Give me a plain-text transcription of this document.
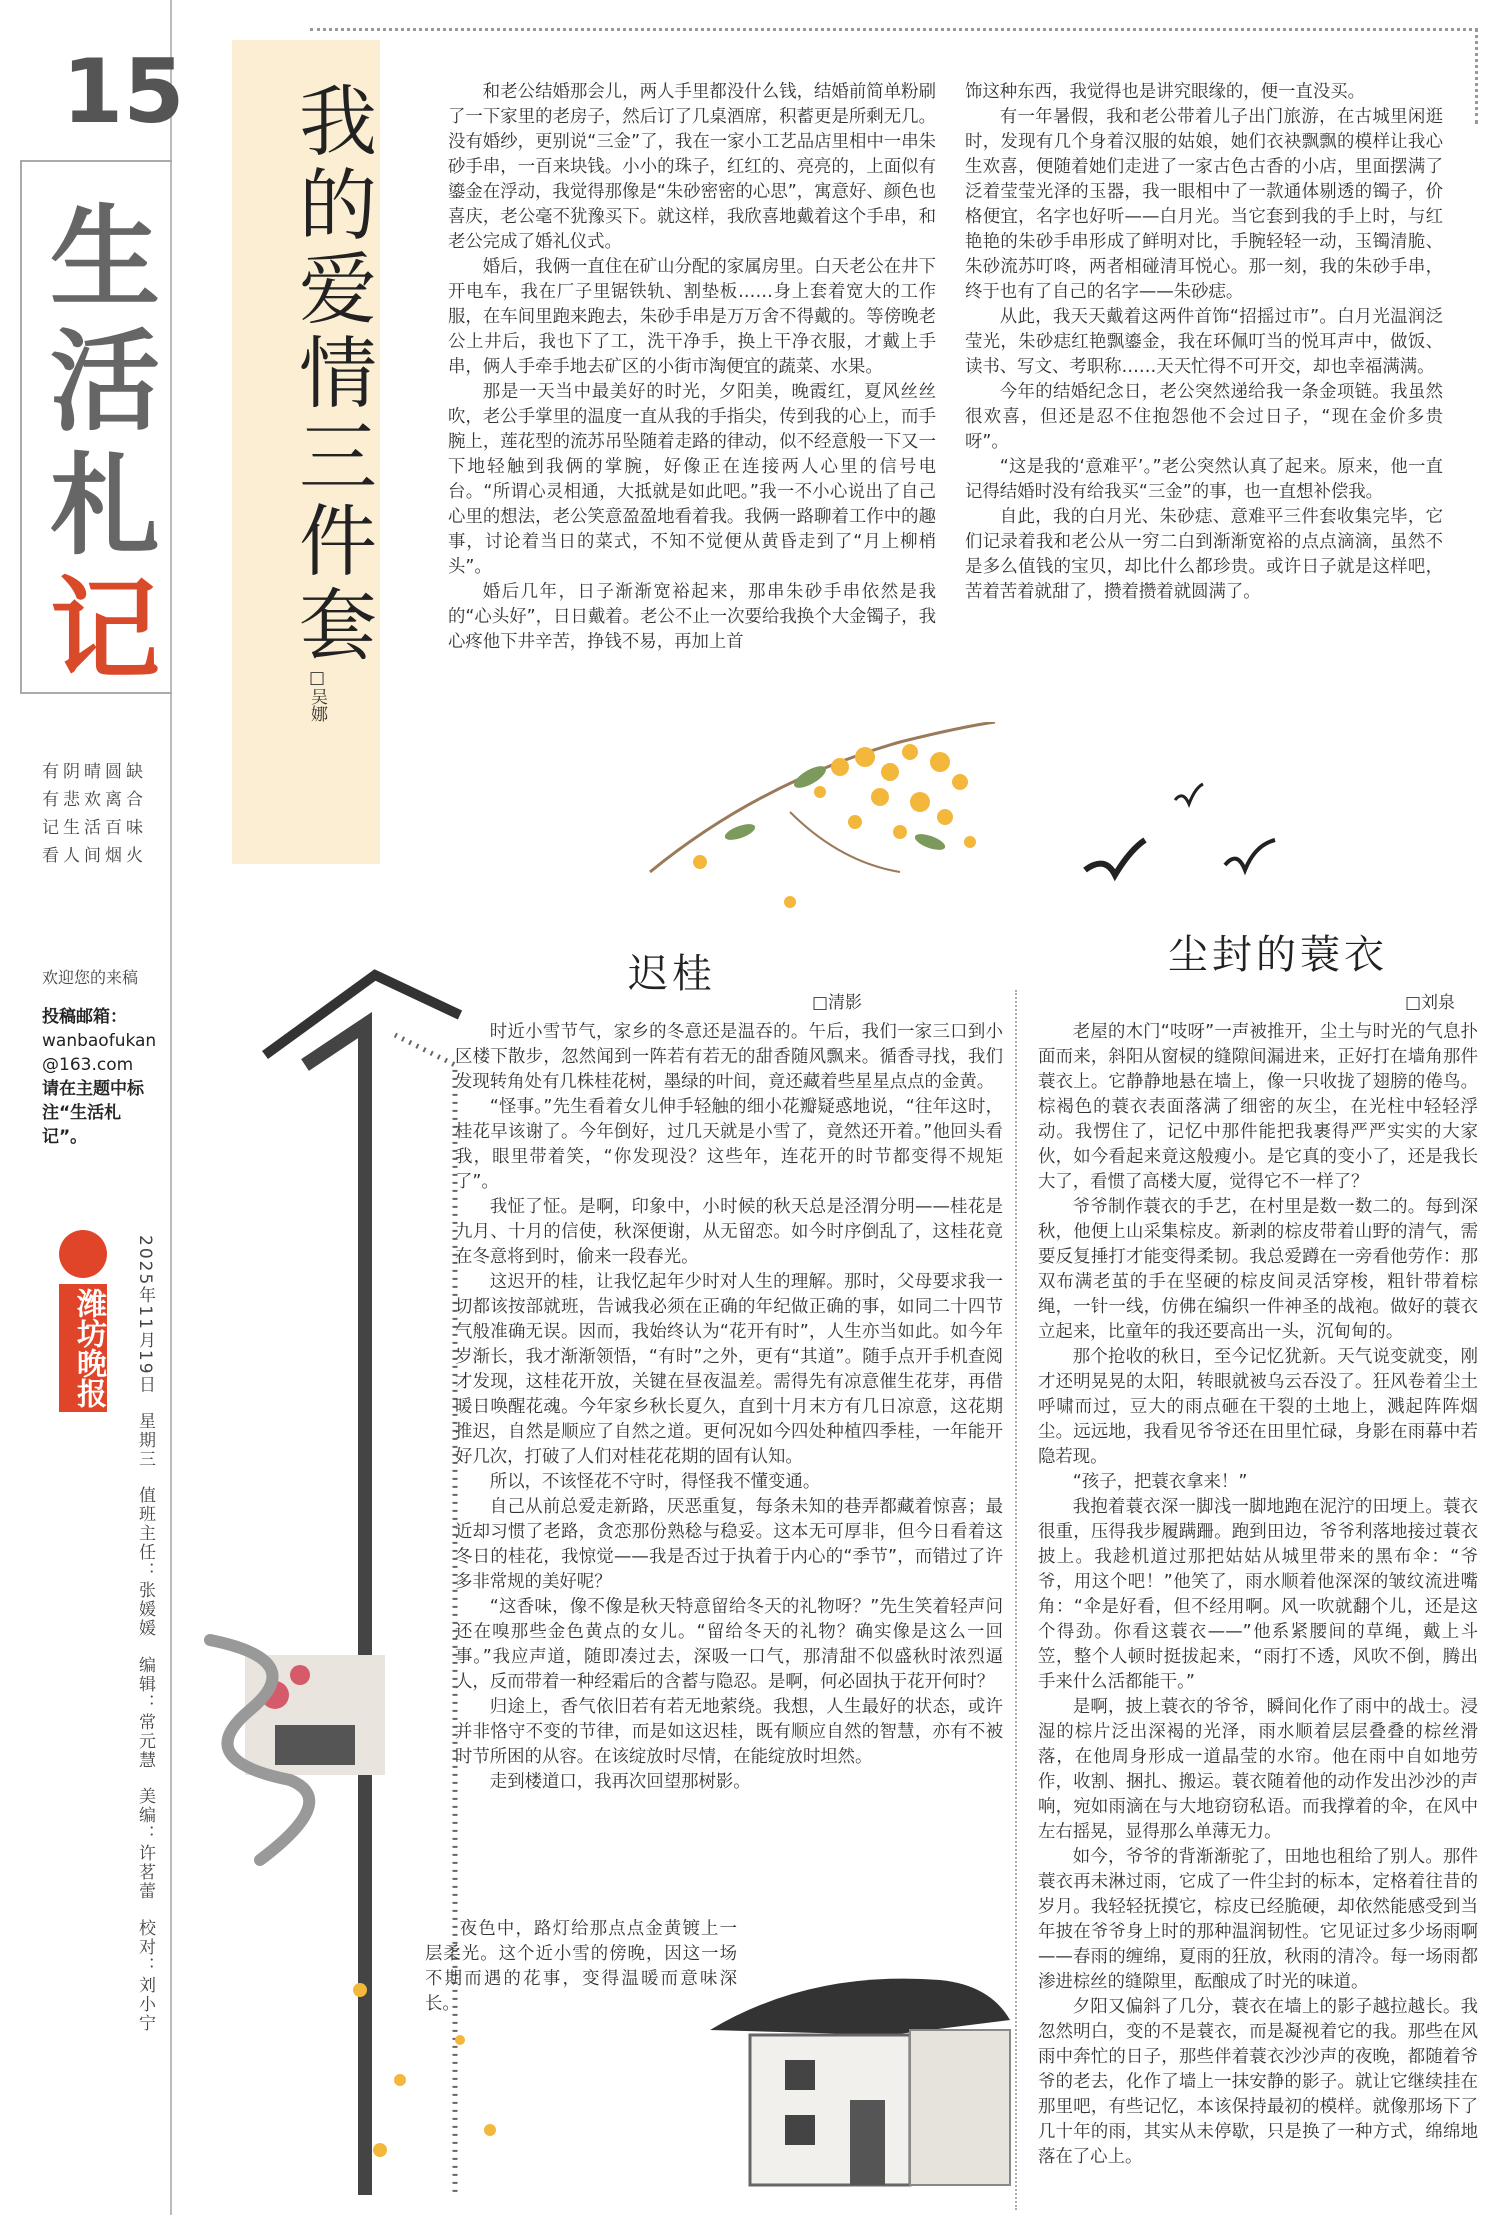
15
生
活
札
记
有阴晴圆缺
有悲欢离合
记生活百味
看人间烟火
欢迎您的来稿
投稿邮箱：
wanbaofukan@163.com
请在主题中标注“生活札记”。
潍坊晚报	2025年11月19日 星期三 值班主任：张媛媛 编辑：常元慧 美编：许茗蕾 校对：刘小宁
我的爱情三件套
□吴娜

和老公结婚那会儿，两人手里都没什么钱，结婚前简单粉刷了一下家里的老房子，然后订了几桌酒席，积蓄更是所剩无几。没有婚纱，更别说“三金”了，我在一家小工艺品店里相中一串朱砂手串，一百来块钱。小小的珠子，红红的、亮亮的，上面似有鎏金在浮动，我觉得那像是“朱砂密密的心思”，寓意好、颜色也喜庆，老公毫不犹豫买下。就这样，我欣喜地戴着这个手串，和老公完成了婚礼仪式。

婚后，我俩一直住在矿山分配的家属房里。白天老公在井下开电车，我在厂子里锯铁轨、割垫板……身上套着宽大的工作服，在车间里跑来跑去，朱砂手串是万万舍不得戴的。等傍晚老公上井后，我也下了工，洗干净手，换上干净衣服，才戴上手串，俩人手牵手地去矿区的小街市淘便宜的蔬菜、水果。

那是一天当中最美好的时光，夕阳美，晚霞红，夏风丝丝吹，老公手掌里的温度一直从我的手指尖，传到我的心上，而手腕上，莲花型的流苏吊坠随着走路的律动，似不经意般一下又一下地轻触到我俩的掌腕，好像正在连接两人心里的信号电台。“所谓心灵相通，大抵就是如此吧。”我一不小心说出了自己心里的想法，老公笑意盈盈地看着我。我俩一路聊着工作中的趣事，讨论着当日的菜式，不知不觉便从黄昏走到了“月上柳梢头”。

婚后几年，日子渐渐宽裕起来，那串朱砂手串依然是我的“心头好”，日日戴着。老公不止一次要给我换个大金镯子，我心疼他下井辛苦，挣钱不易，再加上首

饰这种东西，我觉得也是讲究眼缘的，便一直没买。

有一年暑假，我和老公带着儿子出门旅游，在古城里闲逛时，发现有几个身着汉服的姑娘，她们衣袂飘飘的模样让我心生欢喜，便随着她们走进了一家古色古香的小店，里面摆满了泛着莹莹光泽的玉器，我一眼相中了一款通体剔透的镯子，价格便宜，名字也好听——白月光。当它套到我的手上时，与红艳艳的朱砂手串形成了鲜明对比，手腕轻轻一动，玉镯清脆、朱砂流苏叮咚，两者相碰清耳悦心。那一刻，我的朱砂手串，终于也有了自己的名字——朱砂痣。

从此，我天天戴着这两件首饰“招摇过市”。白月光温润泛莹光，朱砂痣红艳飘鎏金，我在环佩叮当的悦耳声中，做饭、读书、写文、考职称……天天忙得不可开交，却也幸福满满。

今年的结婚纪念日，老公突然递给我一条金项链。我虽然很欢喜，但还是忍不住抱怨他不会过日子，“现在金价多贵呀”。

“这是我的‘意难平’。”老公突然认真了起来。原来，他一直记得结婚时没有给我买“三金”的事，也一直想补偿我。

自此，我的白月光、朱砂痣、意难平三件套收集完毕，它们记录着我和老公从一穷二白到渐渐宽裕的点点滴滴，虽然不是多么值钱的宝贝，却比什么都珍贵。或许日子就是这样吧，苦着苦着就甜了，攒着攒着就圆满了。

迟桂
□清影

时近小雪节气，家乡的冬意还是温吞的。午后，我们一家三口到小区楼下散步，忽然闻到一阵若有若无的甜香随风飘来。循香寻找，我们发现转角处有几株桂花树，墨绿的叶间，竟还藏着些星星点点的金黄。

“怪事。”先生看着女儿伸手轻触的细小花瓣疑惑地说，“往年这时，桂花早该谢了。今年倒好，过几天就是小雪了，竟然还开着。”他回头看我，眼里带着笑，“你发现没？这些年，连花开的时节都变得不规矩了”。

我怔了怔。是啊，印象中，小时候的秋天总是泾渭分明——桂花是九月、十月的信使，秋深便谢，从无留恋。如今时序倒乱了，这桂花竟在冬意将到时，偷来一段春光。

这迟开的桂，让我忆起年少时对人生的理解。那时，父母要求我一切都该按部就班，告诫我必须在正确的年纪做正确的事，如同二十四节气般准确无误。因而，我始终认为“花开有时”，人生亦当如此。如今年岁渐长，我才渐渐领悟，“有时”之外，更有“其道”。随手点开手机查阅才发现，这桂花开放，关键在昼夜温差。需得先有凉意催生花芽，再借暖日唤醒花魂。今年家乡秋长夏久，直到十月末方有几日凉意，这花期推迟，自然是顺应了自然之道。更何况如今四处种植四季桂，一年能开好几次，打破了人们对桂花花期的固有认知。

所以，不该怪花不守时，得怪我不懂变通。

自己从前总爱走新路，厌恶重复，每条未知的巷弄都藏着惊喜；最近却习惯了老路，贪恋那份熟稔与稳妥。这本无可厚非，但今日看着这冬日的桂花，我惊觉——我是否过于执着于内心的“季节”，而错过了许多非常规的美好呢？

“这香味，像不像是秋天特意留给冬天的礼物呀？”先生笑着轻声问还在嗅那些金色黄点的女儿。“留给冬天的礼物？确实像是这么一回事。”我应声道，随即凑过去，深吸一口气，那清甜不似盛秋时浓烈逼人，反而带着一种经霜后的含蓄与隐忍。是啊，何必固执于花开何时？

归途上，香气依旧若有若无地萦绕。我想，人生最好的状态，或许并非恪守不变的节律，而是如这迟桂，既有顺应自然的智慧，亦有不被时节所困的从容。在该绽放时尽情，在能绽放时坦然。

走到楼道口，我再次回望那树影。

夜色中，路灯给那点点金黄镀上一层柔光。这个近小雪的傍晚，因这一场不期而遇的花事，变得温暖而意味深长。

尘封的蓑衣
□刘泉

老屋的木门“吱呀”一声被推开，尘土与时光的气息扑面而来，斜阳从窗棂的缝隙间漏进来，正好打在墙角那件蓑衣上。它静静地悬在墙上，像一只收拢了翅膀的倦鸟。棕褐色的蓑衣表面落满了细密的灰尘，在光柱中轻轻浮动。我愣住了，记忆中那件能把我裹得严严实实的大家伙，如今看起来竟这般瘦小。是它真的变小了，还是我长大了，看惯了高楼大厦，觉得它不一样了？

爷爷制作蓑衣的手艺，在村里是数一数二的。每到深秋，他便上山采集棕皮。新剥的棕皮带着山野的清气，需要反复捶打才能变得柔韧。我总爱蹲在一旁看他劳作：那双布满老茧的手在坚硬的棕皮间灵活穿梭，粗针带着棕绳，一针一线，仿佛在编织一件神圣的战袍。做好的蓑衣立起来，比童年的我还要高出一头，沉甸甸的。

那个抢收的秋日，至今记忆犹新。天气说变就变，刚才还明晃晃的太阳，转眼就被乌云吞没了。狂风卷着尘土呼啸而过，豆大的雨点砸在干裂的土地上，溅起阵阵烟尘。远远地，我看见爷爷还在田里忙碌，身影在雨幕中若隐若现。

“孩子，把蓑衣拿来！”

我抱着蓑衣深一脚浅一脚地跑在泥泞的田埂上。蓑衣很重，压得我步履蹒跚。跑到田边，爷爷利落地接过蓑衣披上。我趁机道过那把姑姑从城里带来的黑布伞：“爷爷，用这个吧！”他笑了，雨水顺着他深深的皱纹流进嘴角：“伞是好看，但不经用啊。风一吹就翻个儿，还是这个得劲。你看这蓑衣——”他系紧腰间的草绳，戴上斗笠，整个人顿时挺拔起来，“雨打不透，风吹不倒，腾出手来什么活都能干。”

是啊，披上蓑衣的爷爷，瞬间化作了雨中的战士。浸湿的棕片泛出深褐的光泽，雨水顺着层层叠叠的棕丝滑落，在他周身形成一道晶莹的水帘。他在雨中自如地劳作，收割、捆扎、搬运。蓑衣随着他的动作发出沙沙的声响，宛如雨滴在与大地窃窃私语。而我撑着的伞，在风中左右摇晃，显得那么单薄无力。

如今，爷爷的背渐渐驼了，田地也租给了别人。那件蓑衣再未淋过雨，它成了一件尘封的标本，定格着往昔的岁月。我轻轻抚摸它，棕皮已经脆硬，却依然能感受到当年披在爷爷身上时的那种温润韧性。它见证过多少场雨啊——春雨的缠绵，夏雨的狂放，秋雨的清冷。每一场雨都渗进棕丝的缝隙里，酝酿成了时光的味道。

夕阳又偏斜了几分，蓑衣在墙上的影子越拉越长。我忽然明白，变的不是蓑衣，而是凝视着它的我。那些在风雨中奔忙的日子，那些伴着蓑衣沙沙声的夜晚，都随着爷爷的老去，化作了墙上一抹安静的影子。就让它继续挂在那里吧，有些记忆，本该保持最初的模样。就像那场下了几十年的雨，其实从未停歇，只是换了一种方式，绵绵地落在了心上。
